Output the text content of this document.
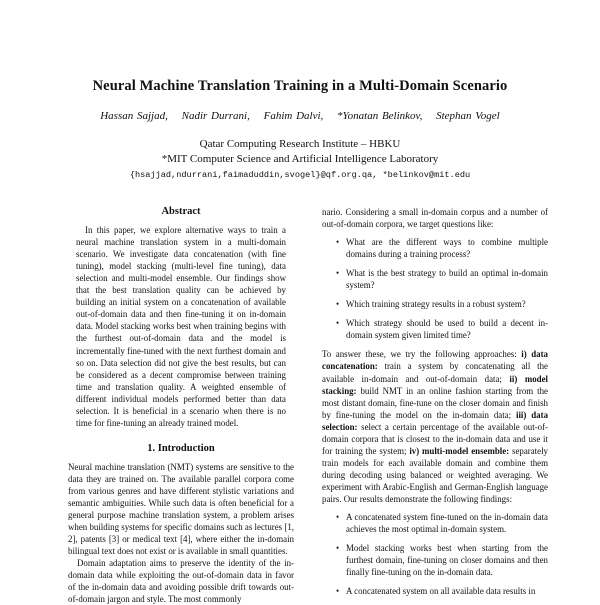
Neural Machine Translation Training in a Multi-Domain Scenario
Hassan Sajjad, Nadir Durrani, Fahim Dalvi, *Yonatan Belinkov, Stephan Vogel
Qatar Computing Research Institute – HBKU
*MIT Computer Science and Artificial Intelligence Laboratory
{hsajjad,ndurrani,faimaduddin,svogel}@qf.org.qa, *belinkov@mit.edu
Abstract

In this paper, we explore alternative ways to train a neural machine translation system in a multi-domain scenario. We investigate data concatenation (with fine tuning), model stacking (multi-level fine tuning), data selection and multi-model ensemble. Our findings show that the best translation quality can be achieved by building an initial system on a concatenation of available out-of-domain data and then fine-tuning it on in-domain data. Model stacking works best when training begins with the furthest out-of-domain data and the model is incrementally fine-tuned with the next furthest domain and so on. Data selection did not give the best results, but can be considered as a decent compromise between training time and translation quality. A weighted ensemble of different individual models performed better than data selection. It is beneficial in a scenario when there is no time for fine-tuning an already trained model.

1. Introduction

Neural machine translation (NMT) systems are sensitive to the data they are trained on. The available parallel corpora come from various genres and have different stylistic variations and semantic ambiguities. While such data is often beneficial for a general purpose machine translation system, a problem arises when building systems for specific domains such as lectures [1, 2], patents [3] or medical text [4], where either the in-domain bilingual text does not exist or is available in small quantities.

Domain adaptation aims to preserve the identity of the in-domain data while exploiting the out-of-domain data in favor of the in-domain data and avoiding possible drift towards out-of-domain jargon and style. The most commonly

nario. Considering a small in-domain corpus and a number of out-of-domain corpora, we target questions like:

• What are the different ways to combine multiple domains during a training process?
• What is the best strategy to build an optimal in-domain system?
• Which training strategy results in a robust system?
• Which strategy should be used to build a decent in-domain system given limited time?

To answer these, we try the following approaches: i) data concatenation: train a system by concatenating all the available in-domain and out-of-domain data; ii) model stacking: build NMT in an online fashion starting from the most distant domain, fine-tune on the closer domain and finish by fine-tuning the model on the in-domain data; iii) data selection: select a certain percentage of the available out-of-domain corpora that is closest to the in-domain data and use it for training the system; iv) multi-model ensemble: separately train models for each available domain and combine them during decoding using balanced or weighted averaging. We experiment with Arabic-English and German-English language pairs. Our results demonstrate the following findings:

• A concatenated system fine-tuned on the in-domain data achieves the most optimal in-domain system.
• Model stacking works best when starting from the furthest domain, fine-tuning on closer domains and then finally fine-tuning on the in-domain data.
• A concatenated system on all available data results in
